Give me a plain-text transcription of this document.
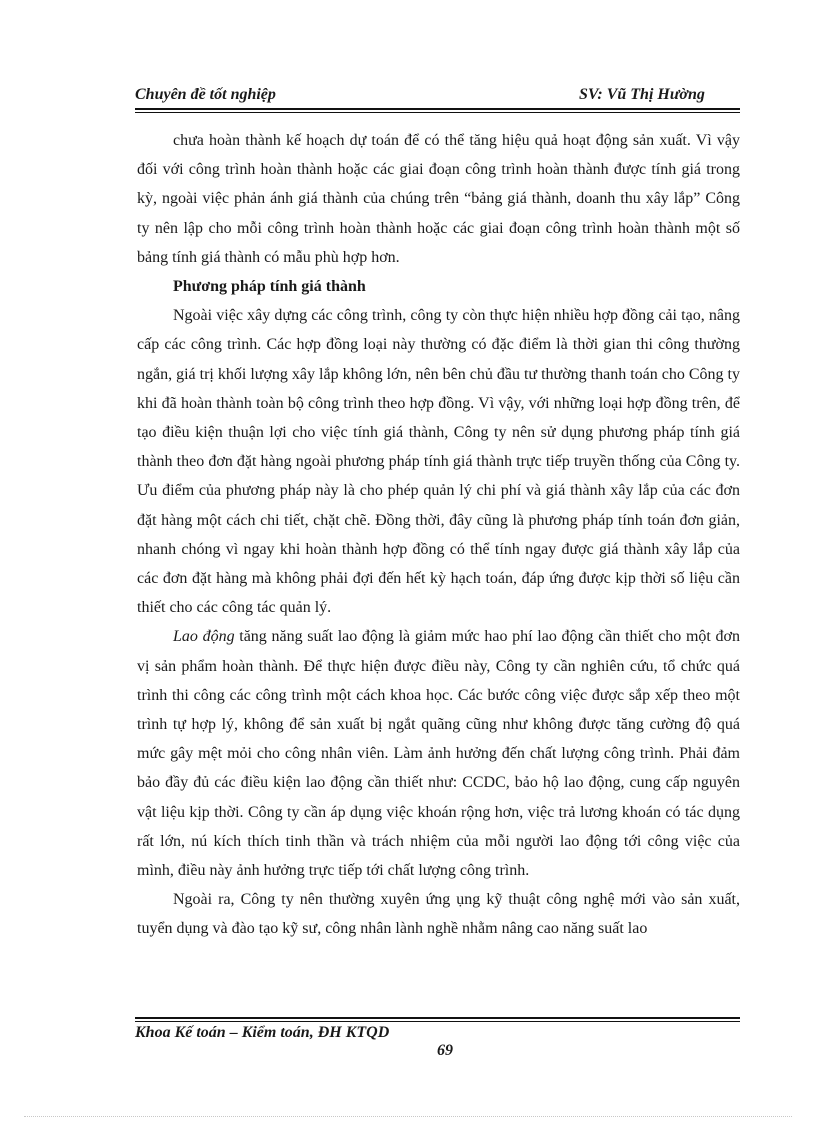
Chuyên đề tốt nghiệp	SV: Vũ Thị Hường

chưa hoàn thành kế hoạch dự toán để có thể tăng hiệu quả hoạt động sản xuất. Vì vậy đối với công trình hoàn thành hoặc các giai đoạn công trình hoàn thành được tính giá trong kỳ, ngoài việc phản ánh giá thành của chúng trên “bảng giá thành, doanh thu xây lắp” Công ty nên lập cho mỗi công trình hoàn thành hoặc các giai đoạn công trình hoàn thành một số bảng tính giá thành có mẫu phù hợp hơn.

Phương pháp tính giá thành

Ngoài việc xây dựng các công trình, công ty còn thực hiện nhiều hợp đồng cải tạo, nâng cấp các công trình. Các hợp đồng loại này thường có đặc điểm là thời gian thi công thường ngắn, giá trị khối lượng xây lắp không lớn, nên bên chủ đầu tư thường thanh toán cho Công ty khi đã hoàn thành toàn bộ công trình theo hợp đồng. Vì vậy, với những loại hợp đồng trên, để tạo điều kiện thuận lợi cho việc tính giá thành, Công ty nên sử dụng phương pháp tính giá thành theo đơn đặt hàng ngoài phương pháp tính giá thành trực tiếp truyền thống của Công ty. Ưu điểm của phương pháp này là cho phép quản lý chi phí và giá thành xây lắp của các đơn đặt hàng một cách chi tiết, chặt chẽ. Đồng thời, đây cũng là phương pháp tính toán đơn giản, nhanh chóng vì ngay khi hoàn thành hợp đồng có thể tính ngay được giá thành xây lắp của các đơn đặt hàng mà không phải đợi đến hết kỳ hạch toán, đáp ứng được kịp thời số liệu cần thiết cho các công tác quản lý.

Lao động tăng năng suất lao động là giảm mức hao phí lao động cần thiết cho một đơn vị sản phẩm hoàn thành. Để thực hiện được điều này, Công ty cần nghiên cứu, tổ chức quá trình thi công các công trình một cách khoa học. Các bước công việc được sắp xếp theo một trình tự hợp lý, không để sản xuất bị ngắt quãng cũng như không được tăng cường độ quá mức gây mệt mỏi cho công nhân viên. Làm ảnh hưởng đến chất lượng công trình. Phải đảm bảo đầy đủ các điều kiện lao động cần thiết như: CCDC, bảo hộ lao động, cung cấp nguyên vật liệu kịp thời. Công ty cần áp dụng việc khoán rộng hơn, việc trả lương khoán có tác dụng rất lớn, nú kích thích tinh thần và trách nhiệm của mỗi người lao động tới công việc của mình, điều này ảnh hưởng trực tiếp tới chất lượng công trình.

Ngoài ra, Công ty nên thường xuyên ứng ụng kỹ thuật công nghệ mới vào sản xuất, tuyển dụng và đào tạo kỹ sư, công nhân lành nghề nhằm nâng cao năng suất lao

Khoa Kế toán – Kiểm toán, ĐH KTQD
69
